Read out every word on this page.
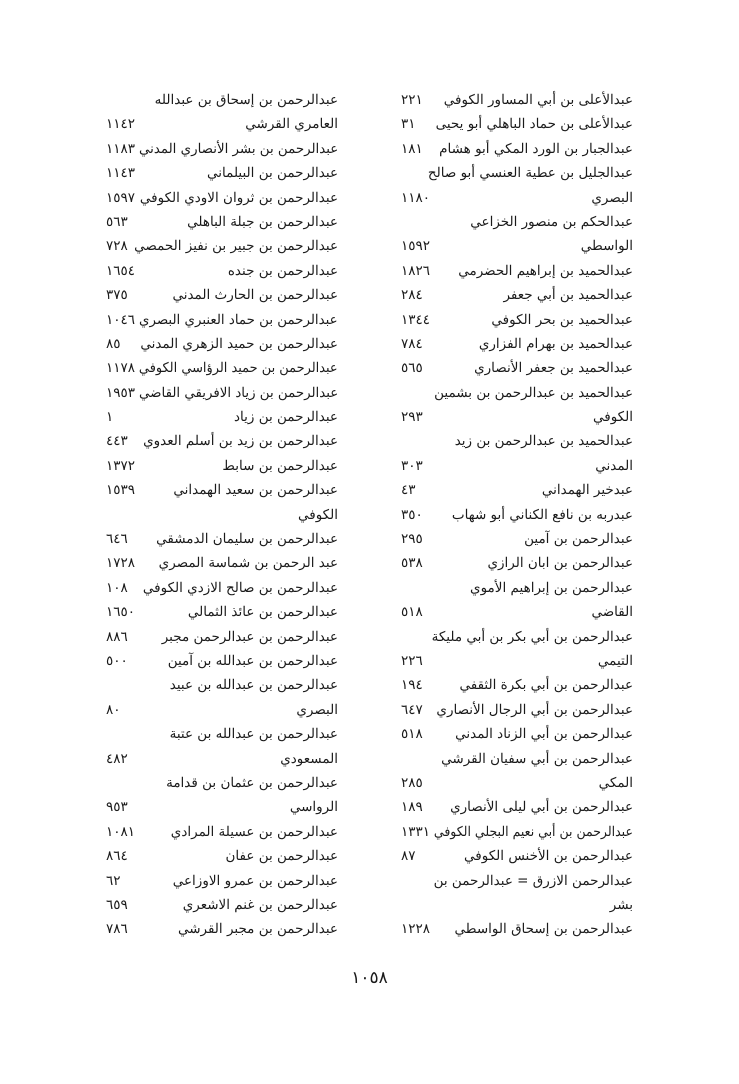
عبدالأعلى بن أبي المساور الكوفي
٢٢١
عبدالأعلى بن حماد الباهلي أبو يحيى
٣١
عبدالجبار بن الورد المكي أبو هشام
١٨١
عبدالجليل بن عطية العنسي أبو صالح
البصري
١١٨٠
عبدالحكم بن منصور الخزاعي
الواسطي
١٥٩٢
عبدالحميد بن إبراهيم الحضرمي
١٨٢٦
عبدالحميد بن أبي جعفر
٢٨٤
عبدالحميد بن بحر الكوفي
١٣٤٤
عبدالحميد بن بهرام الفزاري
٧٨٤
عبدالحميد بن جعفر الأنصاري
٥٦٥
عبدالحميد بن عبدالرحمن بن بشمين
الكوفي
٢٩٣
عبدالحميد بن عبدالرحمن بن زيد
المدني
٣٠٣
عبدخير الهمداني
٤٣
عبدربه بن نافع الكناني أبو شهاب
٣٥٠
عبدالرحمن بن آمين
٢٩٥
عبدالرحمن بن ابان الرازي
٥٣٨
عبدالرحمن بن إبراهيم الأموي
القاضي
٥١٨
عبدالرحمن بن أبي بكر بن أبي مليكة
التيمي
٢٢٦
عبدالرحمن بن أبي بكرة الثقفي
١٩٤
عبدالرحمن بن أبي الرجال الأنصاري
٦٤٧
عبدالرحمن بن أبي الزناد المدني
٥١٨
عبدالرحمن بن أبي سفيان القرشي
المكي
٢٨٥
عبدالرحمن بن أبي ليلى الأنصاري
١٨٩
عبدالرحمن بن أبي نعيم البجلي الكوفي
١٣٣١
عبدالرحمن بن الأخنس الكوفي
٨٧
عبدالرحمن الازرق = عبدالرحمن بن
بشر
عبدالرحمن بن إسحاق الواسطي
١٢٢٨
عبدالرحمن بن إسحاق بن عبدالله
العامري القرشي
١١٤٢
عبدالرحمن بن بشر الأنصاري المدني
١١٨٣
عبدالرحمن بن البيلماني
١١٤٣
عبدالرحمن بن ثروان الاودي الكوفي
١٥٩٧
عبدالرحمن بن جبلة الباهلي
٥٦٣
عبدالرحمن بن جبير بن نفيز الحمصي
٧٢٨
عبدالرحمن بن جنده
١٦٥٤
عبدالرحمن بن الحارث المدني
٣٧٥
عبدالرحمن بن حماد العنبري البصري
١٠٤٦
عبدالرحمن بن حميد الزهري المدني
٨٥
عبدالرحمن بن حميد الرؤاسي الكوفي
١١٧٨
عبدالرحمن بن زياد الافريقي القاضي
١٩٥٣
عبدالرحمن بن زياد
١
عبدالرحمن بن زيد بن أسلم العدوي
٤٤٣
عبدالرحمن بن سابط
١٣٧٢
عبدالرحمن بن سعيد الهمداني
١٥٣٩
الكوفي
عبدالرحمن بن سليمان الدمشقي
٦٤٦
عبد الرحمن بن شماسة المصري
١٧٢٨
عبدالرحمن بن صالح الازدي الكوفي
١٠٨
عبدالرحمن بن عائذ الثمالي
١٦٥٠
عبدالرحمن بن عبدالرحمن مجبر
٨٨٦
عبدالرحمن بن عبدالله بن آمين
٥٠٠
عبدالرحمن بن عبدالله بن عبيد
البصري
٨٠
عبدالرحمن بن عبدالله بن عتبة
المسعودي
٤٨٢
عبدالرحمن بن عثمان بن قدامة
الرواسي
٩٥٣
عبدالرحمن بن عسيلة المرادي
١٠٨١
عبدالرحمن بن عفان
٨٦٤
عبدالرحمن بن عمرو الاوزاعي
٦٢
عبدالرحمن بن غنم الاشعري
٦٥٩
عبدالرحمن بن مجبر القرشي
٧٨٦
١٠٥٨
